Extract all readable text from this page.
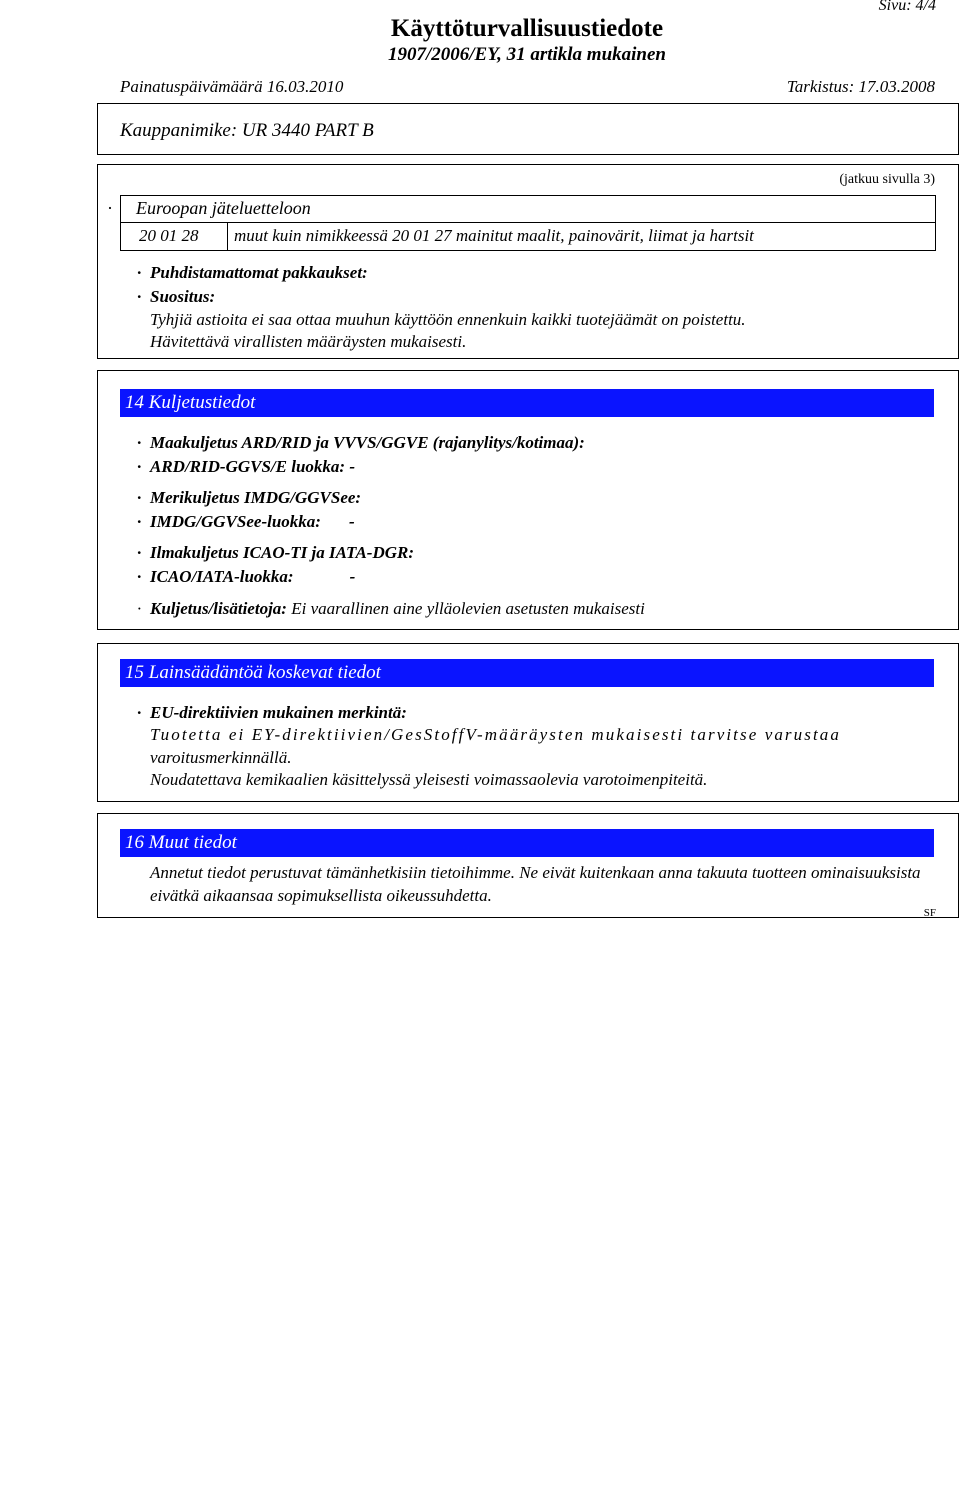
Sivu: 4/4
Käyttöturvallisuustiedote
1907/2006/EY, 31 artikla mukainen
Painatuspäivämäärä 16.03.2010	Tarkistus: 17.03.2008
Kauppanimike: UR 3440 PART B
(jatkuu sivulla 3)
· Euroopan jäteluetteloon
20 01 28	muut kuin nimikkeessä 20 01 27 mainitut maalit, painovärit, liimat ja hartsit
· Puhdistamattomat pakkaukset:
· Suositus:
Tyhjiä astioita ei saa ottaa muuhun käyttöön ennenkuin kaikki tuotejäämät on poistettu.
Hävitettävä virallisten määräysten mukaisesti.
14 Kuljetustiedot
· Maakuljetus ARD/RID ja VVVS/GGVE (rajanylitys/kotimaa):
· ARD/RID-GGVS/E luokka: -
· Merikuljetus IMDG/GGVSee:
· IMDG/GGVSee-luokka: -
· Ilmakuljetus ICAO-TI ja IATA-DGR:
· ICAO/IATA-luokka:	-
· Kuljetus/lisätietoja: Ei vaarallinen aine ylläolevien asetusten mukaisesti
15 Lainsäädäntöä koskevat tiedot
· EU-direktiivien mukainen merkintä:
Tuotetta ei EY-direktiivien/GesStoffV-määräysten mukaisesti tarvitse varustaa
varoitusmerkinnällä.
Noudatettava kemikaalien käsittelyssä yleisesti voimassaolevia varotoimenpiteitä.
16 Muut tiedot
Annetut tiedot perustuvat tämänhetkisiin tietoihimme. Ne eivät kuitenkaan anna takuuta tuotteen ominaisuuksista eivätkä aikaansaa sopimuksellista oikeussuhdetta.
SF
